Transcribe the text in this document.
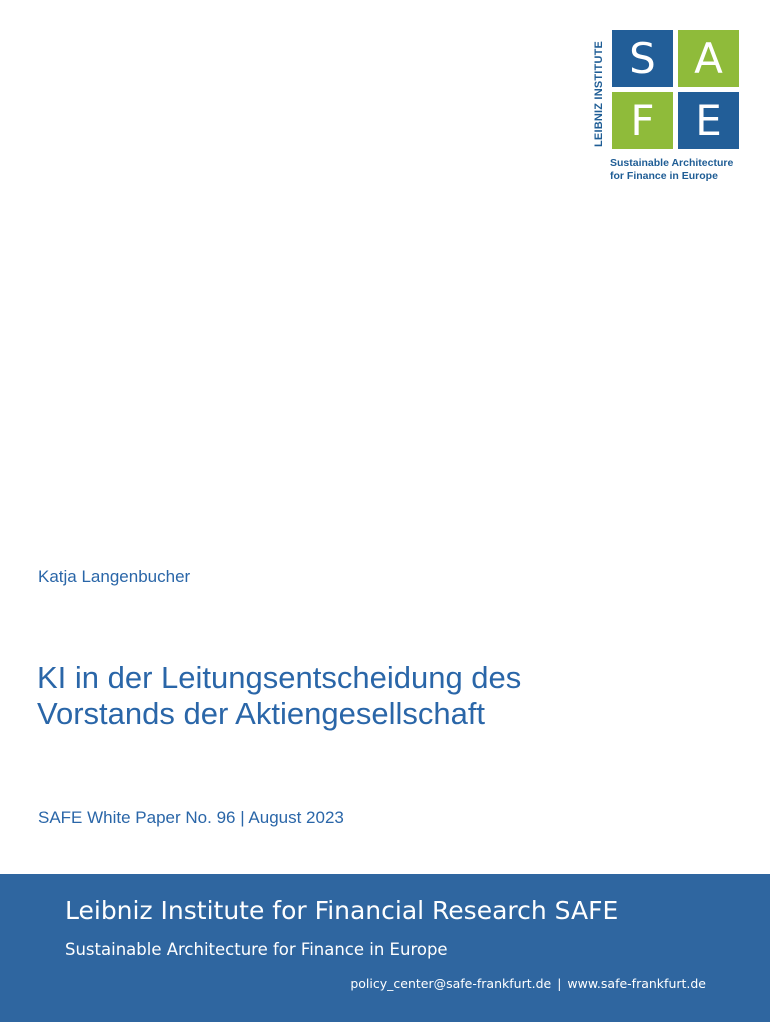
LEIBNIZ INSTITUTE S A
F E
Sustainable Architecture
for Finance in Europe
Katja Langenbucher
KI in der Leitungsentscheidung des
Vorstands der Aktiengesellschaft
SAFE White Paper No. 96 | August 2023
Leibniz Institute for Financial Research SAFE
Sustainable Architecture for Finance in Europe
policy_center@safe-frankfurt.de | www.safe-frankfurt.de
